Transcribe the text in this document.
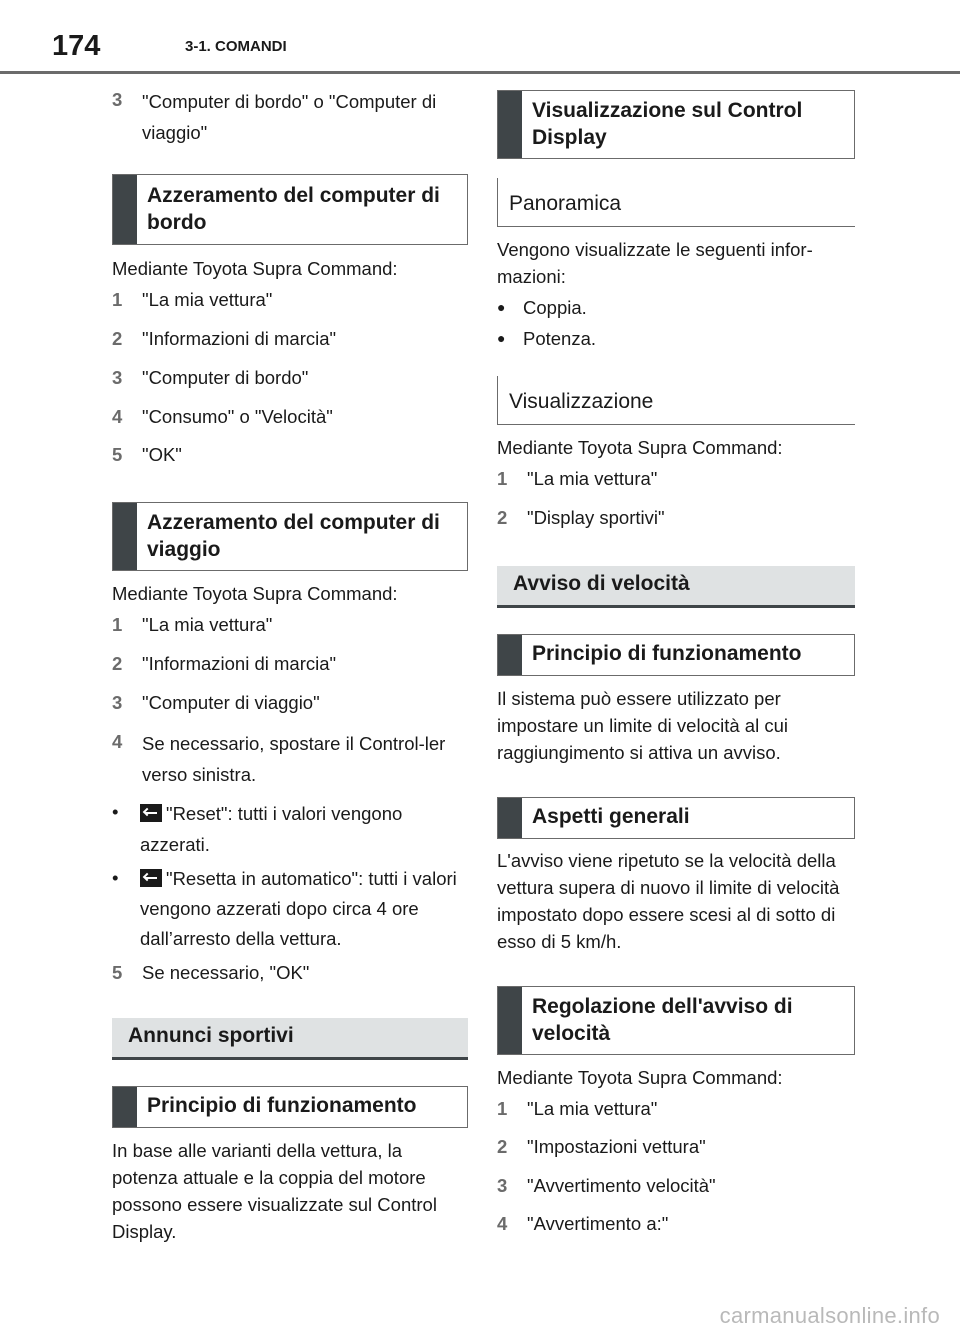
174	3-1. COMANDI
3	"Computer di bordo" o "Computer di viaggio"
Azzeramento del computer di bordo
Mediante Toyota Supra Command:
1	"La mia vettura"
2	"Informazioni di marcia"
3	"Computer di bordo"
4	"Consumo" o "Velocità"
5	"OK"
Azzeramento del computer di viaggio
Mediante Toyota Supra Command:
1	"La mia vettura"
2	"Informazioni di marcia"
3	"Computer di viaggio"
4	Se necessario, spostare il Control-ler verso sinistra.
•	"Reset": tutti i valori vengono azzerati.
•	"Resetta in automatico": tutti i valori vengono azzerati dopo circa 4 ore dall’arresto della vettura.
5	Se necessario, "OK"
Annunci sportivi
Principio di funzionamento
In base alle varianti della vettura, la potenza attuale e la coppia del motore possono essere visualizzate sul Control Display.
Visualizzazione sul Control Display
Panoramica
Vengono visualizzate le seguenti infor-mazioni:
● Coppia.
● Potenza.
Visualizzazione
Mediante Toyota Supra Command:
1	"La mia vettura"
2	"Display sportivi"
Avviso di velocità
Principio di funzionamento
Il sistema può essere utilizzato per impostare un limite di velocità al cui raggiungimento si attiva un avviso.
Aspetti generali
L'avviso viene ripetuto se la velocità della vettura supera di nuovo il limite di velocità impostato dopo essere scesi al di sotto di esso di 5 km/h.
Regolazione dell'avviso di velocità
Mediante Toyota Supra Command:
1	"La mia vettura"
2	"Impostazioni vettura"
3	"Avvertimento velocità"
4	"Avvertimento a:"
carmanualsonline.info
